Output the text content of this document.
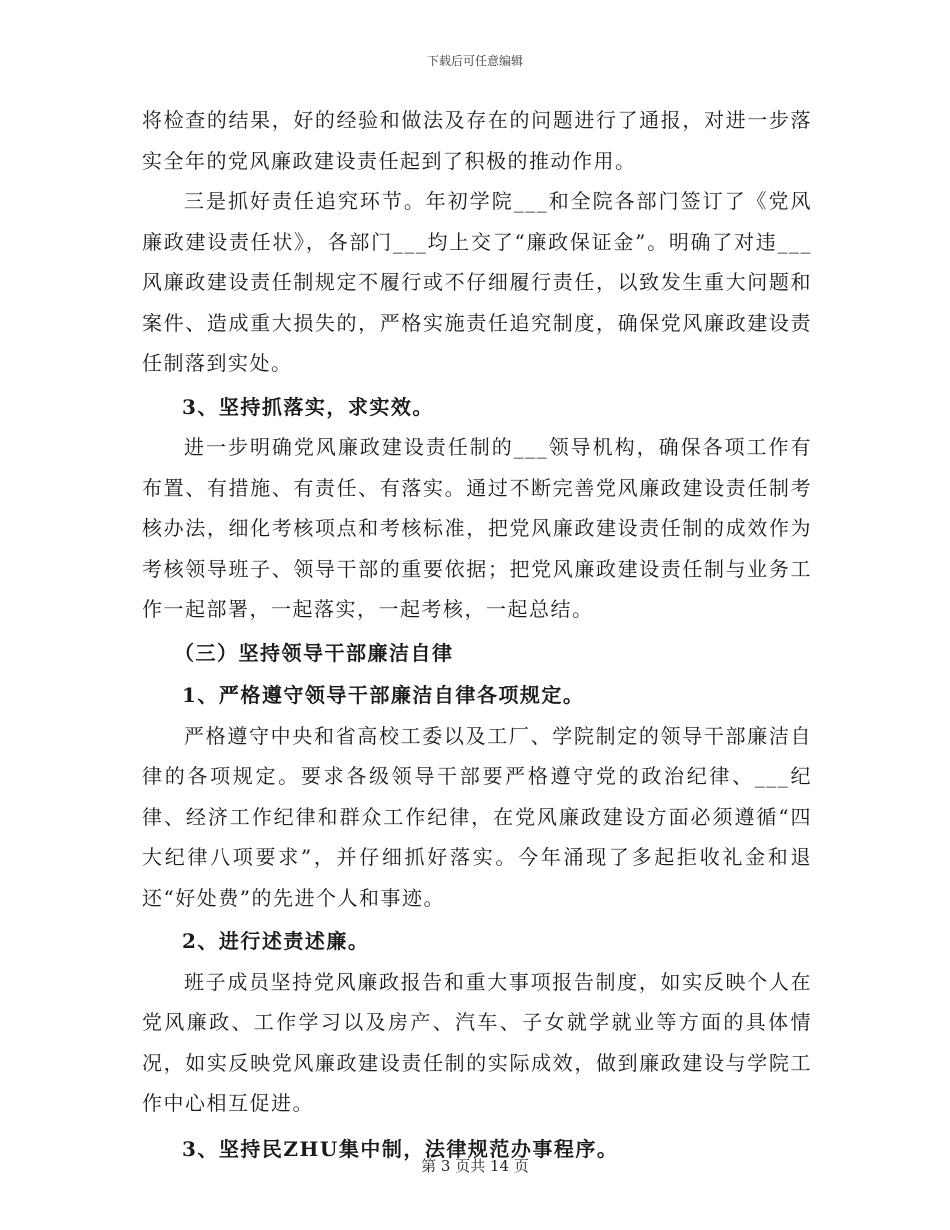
下载后可任意编辑

将检查的结果，好的经验和做法及存在的问题进行了通报，对进一步落实全年的党风廉政建设责任起到了积极的推动作用。

三是抓好责任追究环节。年初学院___和全院各部门签订了《党风廉政建设责任状》，各部门___均上交了“廉政保证金”。明确了对违___风廉政建设责任制规定不履行或不仔细履行责任，以致发生重大问题和案件、造成重大损失的，严格实施责任追究制度，确保党风廉政建设责任制落到实处。

3、坚持抓落实，求实效。

进一步明确党风廉政建设责任制的___领导机构，确保各项工作有布置、有措施、有责任、有落实。通过不断完善党风廉政建设责任制考核办法，细化考核项点和考核标准，把党风廉政建设责任制的成效作为考核领导班子、领导干部的重要依据；把党风廉政建设责任制与业务工作一起部署，一起落实，一起考核，一起总结。

（三）坚持领导干部廉洁自律

1、严格遵守领导干部廉洁自律各项规定。

严格遵守中央和省高校工委以及工厂、学院制定的领导干部廉洁自律的各项规定。要求各级领导干部要严格遵守党的政治纪律、___纪律、经济工作纪律和群众工作纪律，在党风廉政建设方面必须遵循“四大纪律八项要求”，并仔细抓好落实。今年涌现了多起拒收礼金和退还“好处费”的先进个人和事迹。

2、进行述责述廉。

班子成员坚持党风廉政报告和重大事项报告制度，如实反映个人在党风廉政、工作学习以及房产、汽车、子女就学就业等方面的具体情况，如实反映党风廉政建设责任制的实际成效，做到廉政建设与学院工作中心相互促进。

3、坚持民ZHU集中制，法律规范办事程序。

第 3 页共 14 页
